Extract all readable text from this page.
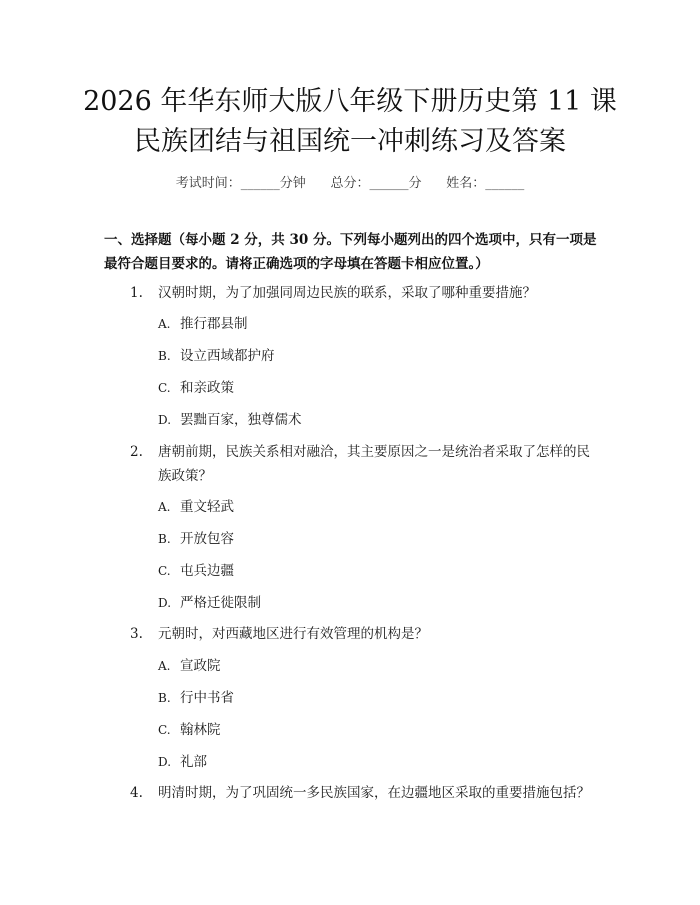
2026 年华东师大版八年级下册历史第 11 课
民族团结与祖国统一冲刺练习及答案
考试时间：______分钟      总分：______分      姓名：______
一、选择题（每小题 2 分，共 30 分。下列每小题列出的四个选项中，只有一项是
最符合题目要求的。请将正确选项的字母填在答题卡相应位置。）
1. 汉朝时期，为了加强同周边民族的联系，采取了哪种重要措施？
A. 推行郡县制
B. 设立西域都护府
C. 和亲政策
D. 罢黜百家，独尊儒术
2. 唐朝前期，民族关系相对融洽，其主要原因之一是统治者采取了怎样的民
族政策？
A. 重文轻武
B. 开放包容
C. 屯兵边疆
D. 严格迁徙限制
3. 元朝时，对西藏地区进行有效管理的机构是？
A. 宣政院
B. 行中书省
C. 翰林院
D. 礼部
4. 明清时期，为了巩固统一多民族国家，在边疆地区采取的重要措施包括？
